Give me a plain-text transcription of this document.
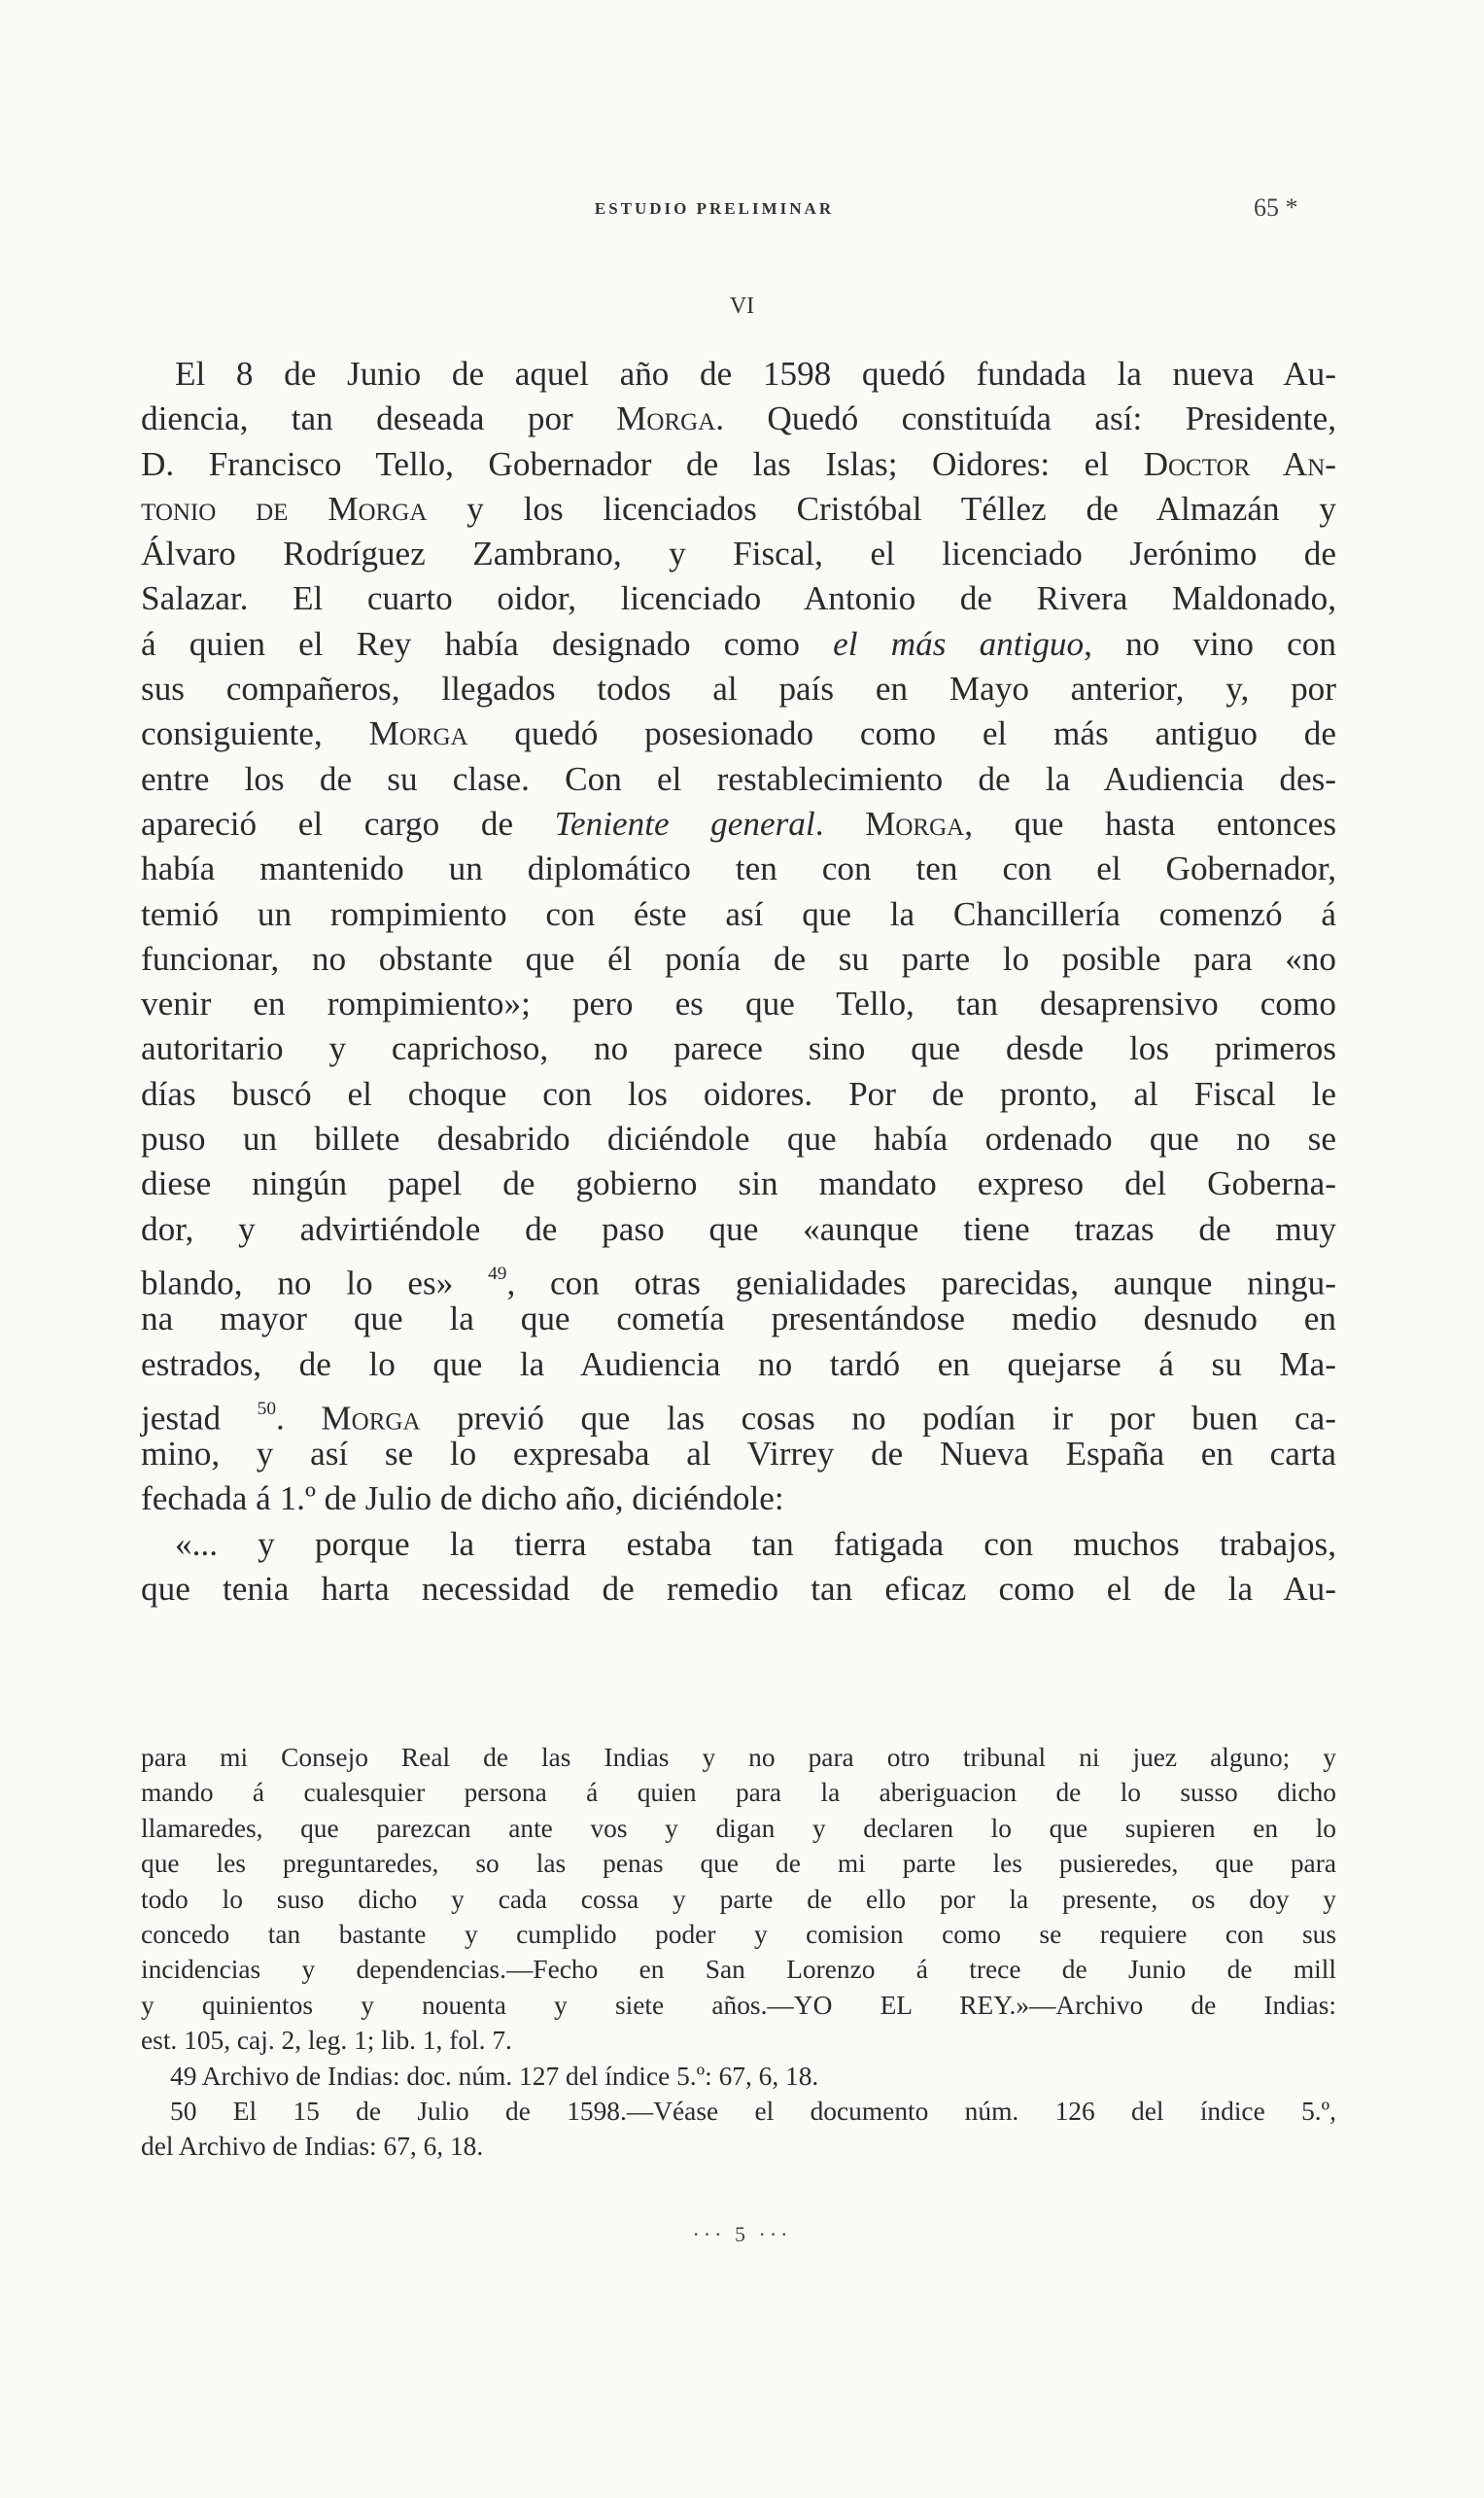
ESTUDIO PRELIMINAR	65 *
VI
El 8 de Junio de aquel año de 1598 quedó fundada la nueva Au-
diencia, tan deseada por Morga. Quedó constituída así: Presidente,
D. Francisco Tello, Gobernador de las Islas; Oidores: el Doctor An-
tonio de Morga y los licenciados Cristóbal Téllez de Almazán y
Álvaro Rodríguez Zambrano, y Fiscal, el licenciado Jerónimo de
Salazar. El cuarto oidor, licenciado Antonio de Rivera Maldonado,
á quien el Rey había designado como el más antiguo, no vino con
sus compañeros, llegados todos al país en Mayo anterior, y, por
consiguiente, Morga quedó posesionado como el más antiguo de
entre los de su clase. Con el restablecimiento de la Audiencia des-
apareció el cargo de Teniente general. Morga, que hasta entonces
había mantenido un diplomático ten con ten con el Gobernador,
temió un rompimiento con éste así que la Chancillería comenzó á
funcionar, no obstante que él ponía de su parte lo posible para «no
venir en rompimiento»; pero es que Tello, tan desaprensivo como
autoritario y caprichoso, no parece sino que desde los primeros
días buscó el choque con los oidores. Por de pronto, al Fiscal le
puso un billete desabrido diciéndole que había ordenado que no se
diese ningún papel de gobierno sin mandato expreso del Goberna-
dor, y advirtiéndole de paso que «aunque tiene trazas de muy
blando, no lo es» $^{49}$, con otras genialidades parecidas, aunque ningu-
na mayor que la que cometía presentándose medio desnudo en
estrados, de lo que la Audiencia no tardó en quejarse á su Ma-
jestad $^{50}$. Morga previó que las cosas no podían ir por buen ca-
mino, y así se lo expresaba al Virrey de Nueva España en carta
fechada á 1.º de Julio de dicho año, diciéndole:
«... y porque la tierra estaba tan fatigada con muchos trabajos,
que tenia harta necessidad de remedio tan eficaz como el de la Au-
para mi Consejo Real de las Indias y no para otro tribunal ni juez alguno; y
mando á cualesquier persona á quien para la aberiguacion de lo susso dicho
llamaredes, que parezcan ante vos y digan y declaren lo que supieren en lo
que les preguntaredes, so las penas que de mi parte les pusieredes, que para
todo lo suso dicho y cada cossa y parte de ello por la presente, os doy y
concedo tan bastante y cumplido poder y comision como se requiere con sus
incidencias y dependencias.—Fecho en San Lorenzo á trece de Junio de mill
y quinientos y nouenta y siete años.—YO EL REY.»—Archivo de Indias:
est. 105, caj. 2, leg. 1; lib. 1, fol. 7.
49 Archivo de Indias: doc. núm. 127 del índice 5.º: 67, 6, 18.
50 El 15 de Julio de 1598.—Véase el documento núm. 126 del índice 5.º,
del Archivo de Indias: 67, 6, 18.
··· 5 ···
